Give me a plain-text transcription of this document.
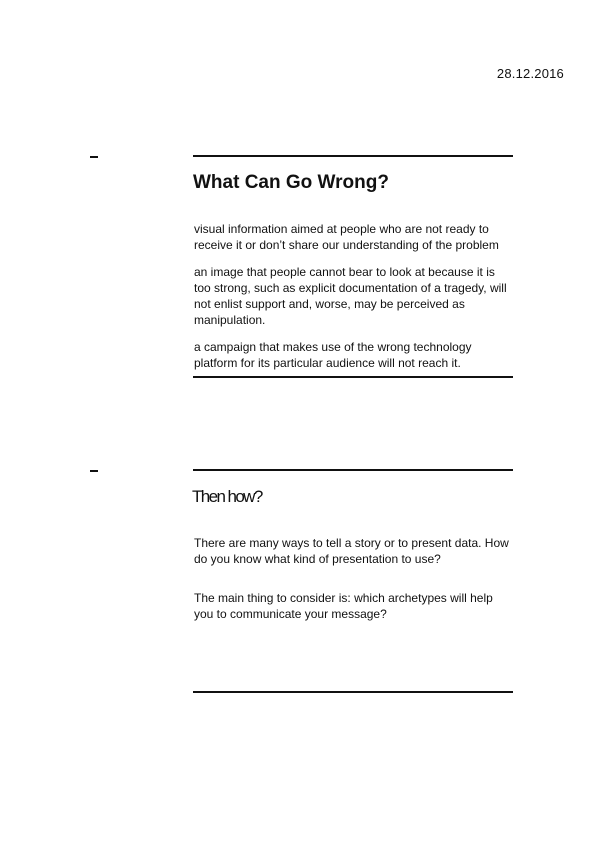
28.12.2016
What Can Go Wrong?

visual information aimed at people who are not ready to receive it or don’t share our understanding of the problem

an image that people cannot bear to look at because it is too strong, such as explicit documentation of a tragedy, will not enlist support and, worse, may be perceived as manipulation.

a campaign that makes use of the wrong technology platform for its particular audience will not reach it.

Then how?

There are many ways to tell a story or to present data. How do you know what kind of presentation to use?

The main thing to consider is: which archetypes will help you to communicate your message?
